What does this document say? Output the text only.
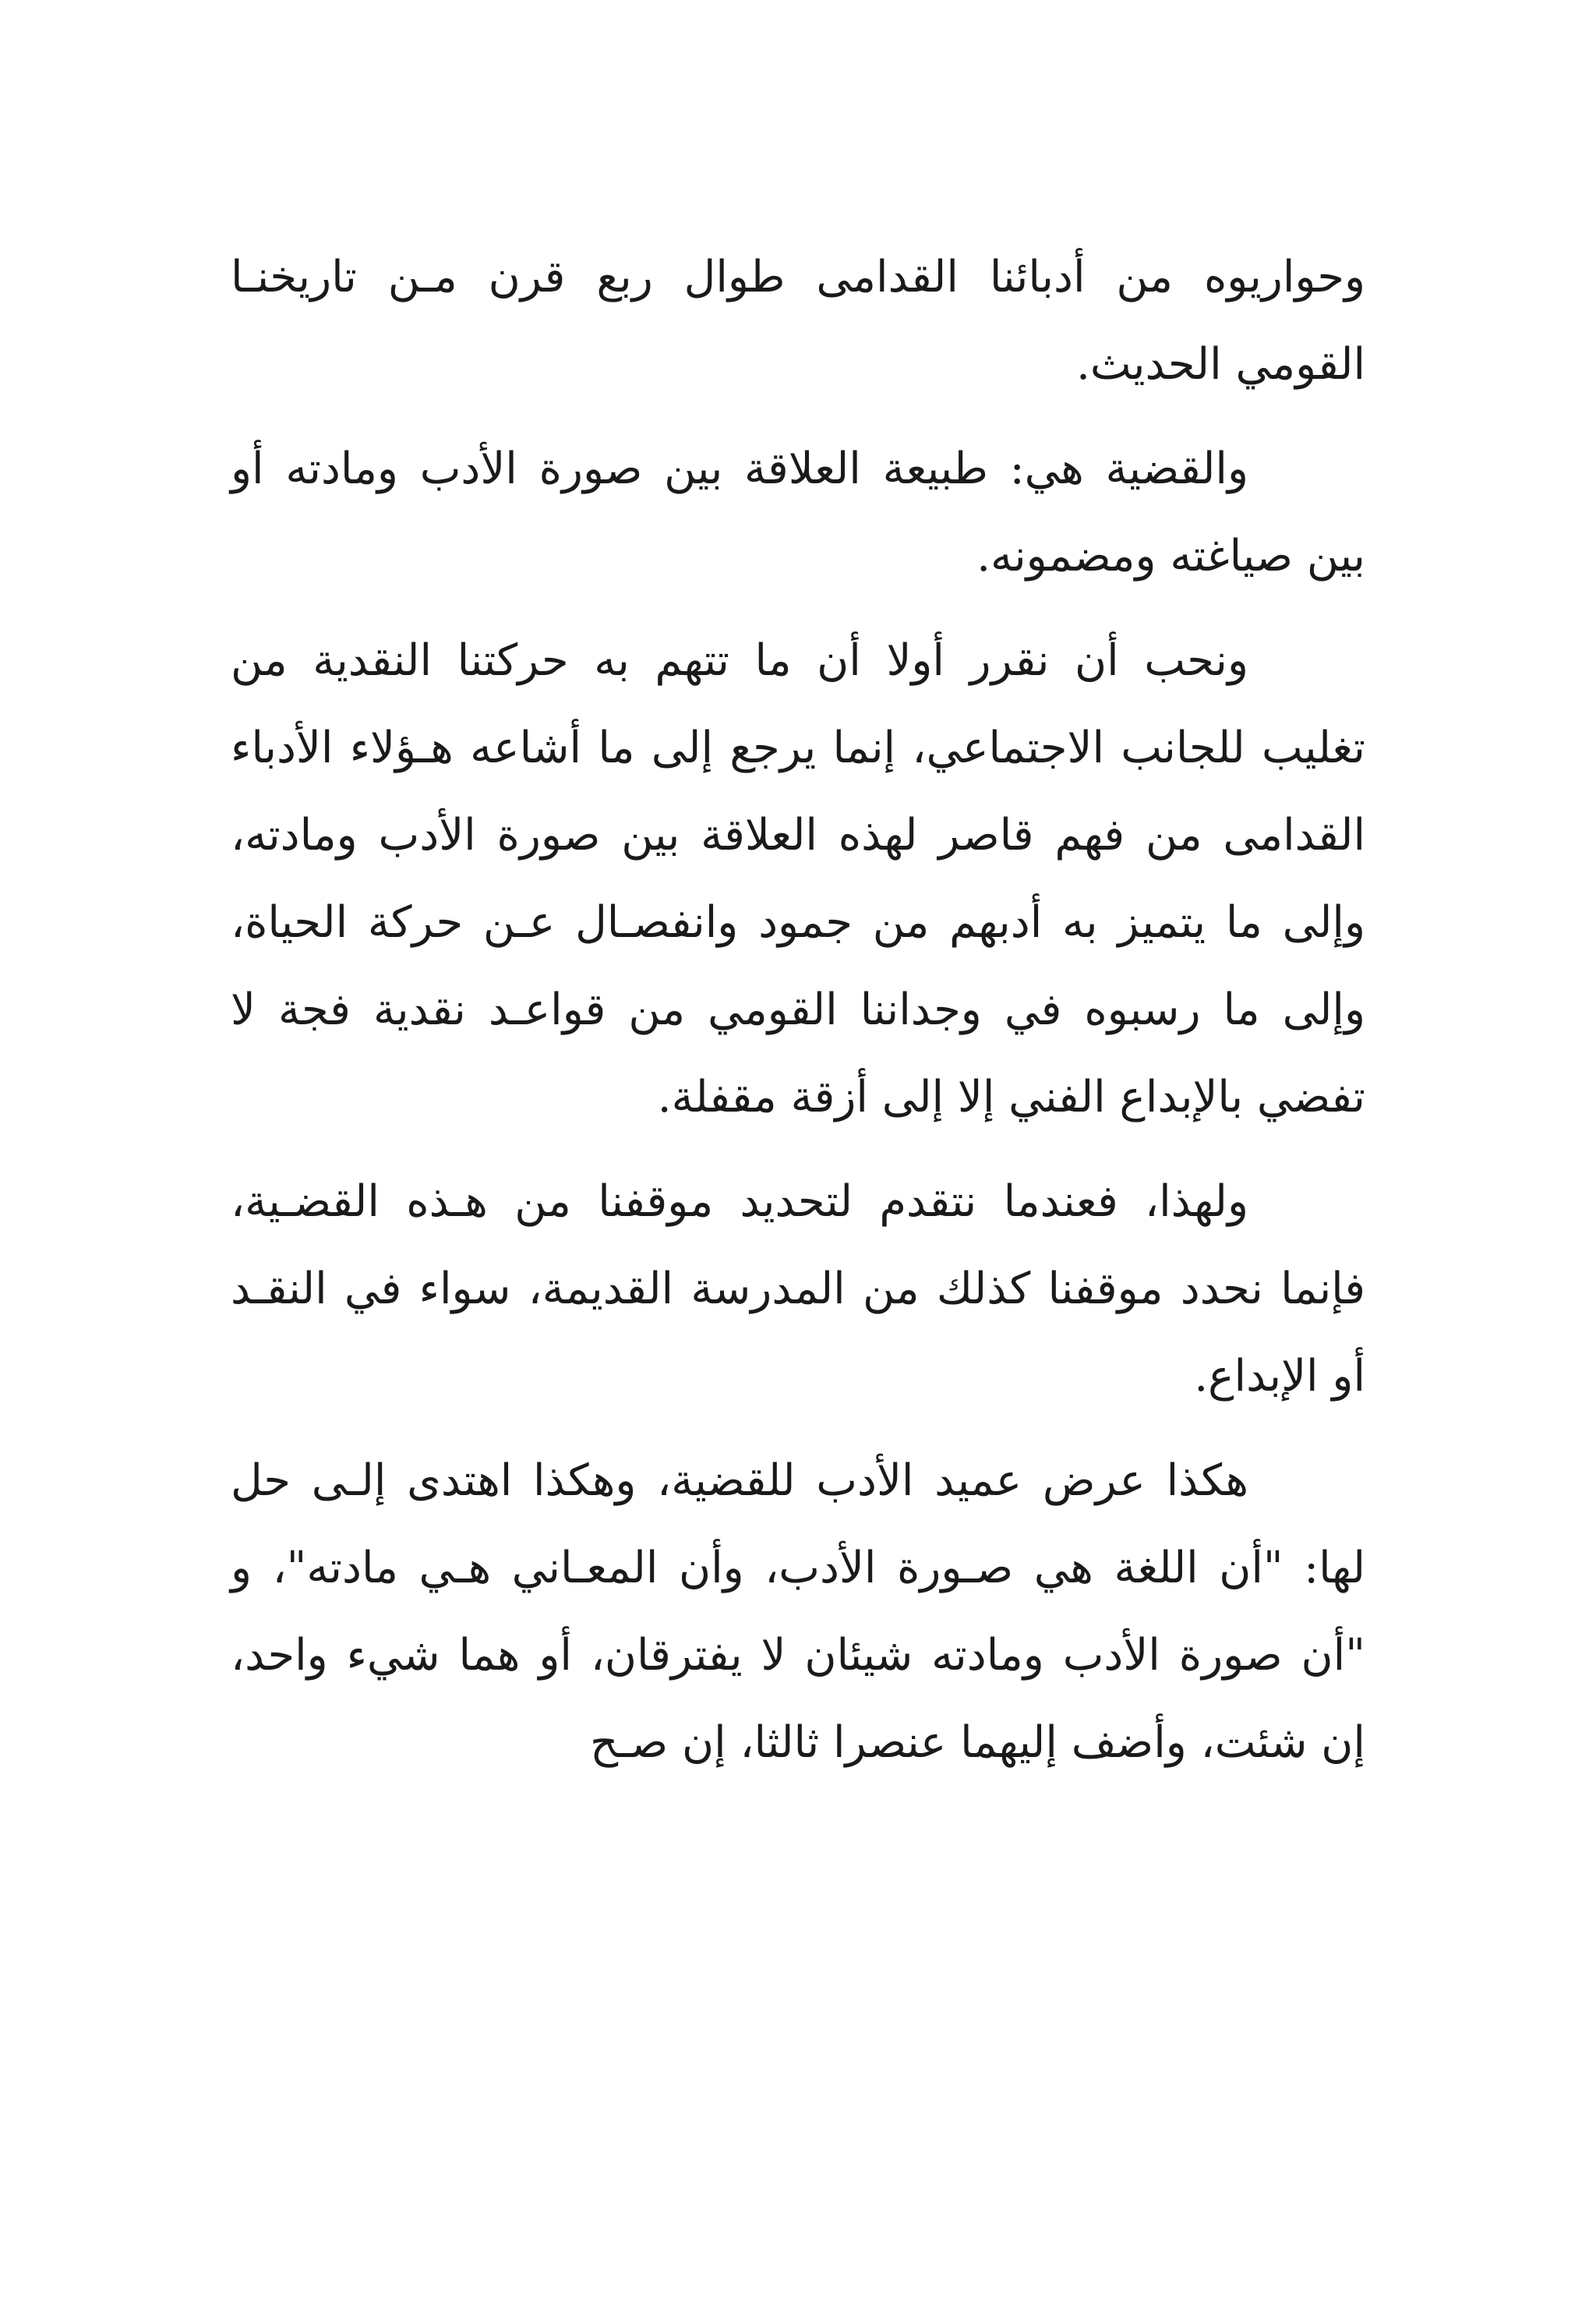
وحواريوه من أدبائنا القدامى طوال ربع قرن مـن تاريخنـا القومي الحديث.

والقضية هي: طبيعة العلاقة بين صورة الأدب ومادته أو بين صياغته ومضمونه.

ونحب أن نقرر أولا أن ما تتهم به حركتنا النقدية من تغليب للجانب الاجتماعي، إنما يرجع إلى ما أشاعه هـؤلاء الأدباء القدامى من فهم قاصر لهذه العلاقة بين صورة الأدب ومادته، وإلى ما يتميز به أدبهم من جمود وانفصـال عـن حركة الحياة، وإلى ما رسبوه في وجداننا القومي من قواعـد نقدية فجة لا تفضي بالإبداع الفني إلا إلى أزقة مقفلة.

ولهذا، فعندما نتقدم لتحديد موقفنا من هـذه القضـية، فإنما نحدد موقفنا كذلك من المدرسة القديمة، سواء في النقـد أو الإبداع.

هكذا عرض عميد الأدب للقضية، وهكذا اهتدى إلـى حل لها: "أن اللغة هي صـورة الأدب، وأن المعـاني هـي مادته"، و "أن صورة الأدب ومادته شيئان لا يفترقان، أو هما شيء واحد، إن شئت، وأضف إليهما عنصرا ثالثا، إن صـح
